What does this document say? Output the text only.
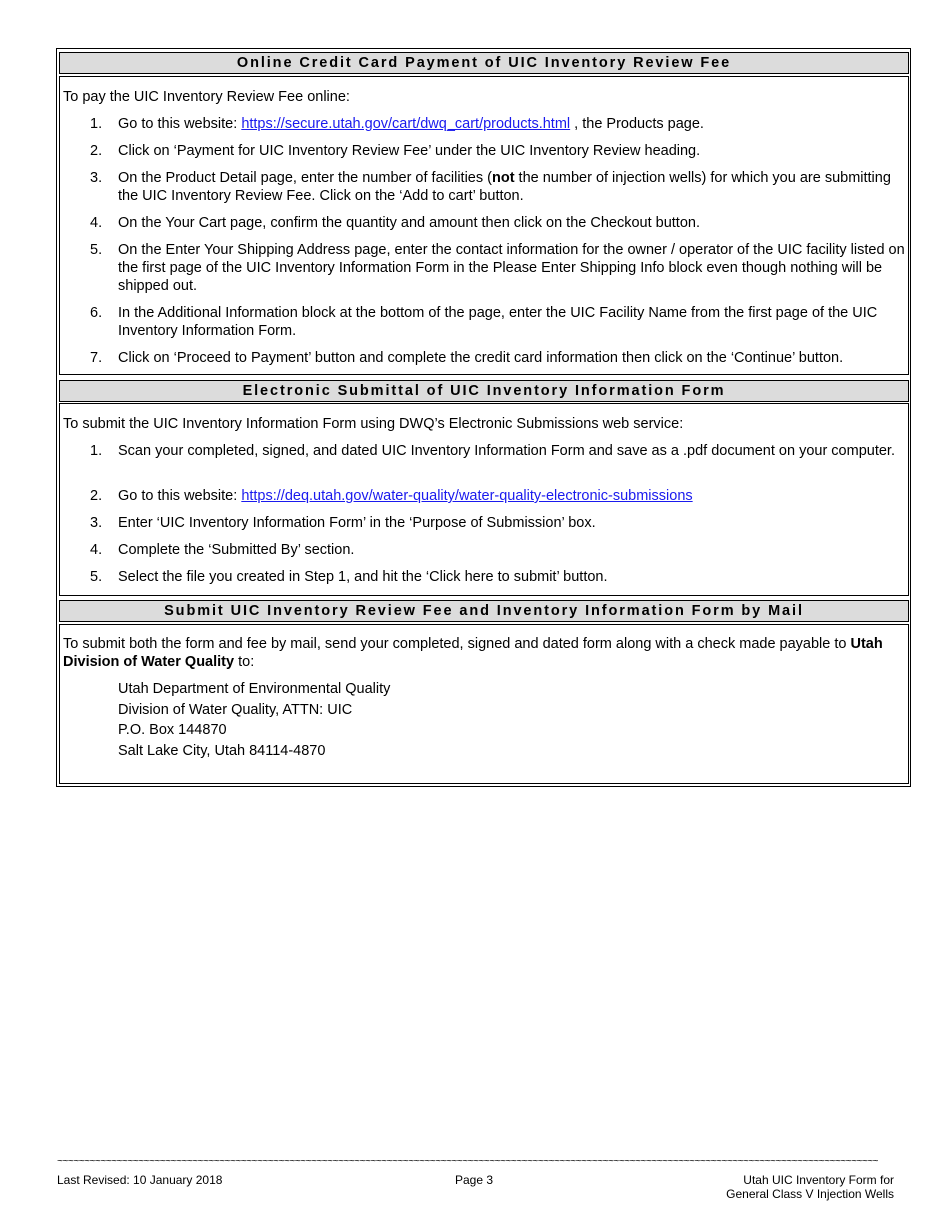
Online Credit Card Payment of UIC Inventory Review Fee
To pay the UIC Inventory Review Fee online:
1. Go to this website: https://secure.utah.gov/cart/dwq_cart/products.html , the Products page.
2. Click on ‘Payment for UIC Inventory Review Fee’ under the UIC Inventory Review heading.
3. On the Product Detail page, enter the number of facilities (not the number of injection wells) for which you are submitting the UIC Inventory Review Fee. Click on the ‘Add to cart’ button.
4. On the Your Cart page, confirm the quantity and amount then click on the Checkout button.
5. On the Enter Your Shipping Address page, enter the contact information for the owner / operator of the UIC facility listed on the first page of the UIC Inventory Information Form in the Please Enter Shipping Info block even though nothing will be shipped out.
6. In the Additional Information block at the bottom of the page, enter the UIC Facility Name from the first page of the UIC Inventory Information Form.
7. Click on ‘Proceed to Payment’ button and complete the credit card information then click on the ‘Continue’ button.
Electronic Submittal of UIC Inventory Information Form
To submit the UIC Inventory Information Form using DWQ’s Electronic Submissions web service:
1. Scan your completed, signed, and dated UIC Inventory Information Form and save as a .pdf document on your computer.
2. Go to this website: https://deq.utah.gov/water-quality/water-quality-electronic-submissions
3. Enter ‘UIC Inventory Information Form’ in the ‘Purpose of Submission’ box.
4. Complete the ‘Submitted By’ section.
5. Select the file you created in Step 1, and hit the ‘Click here to submit’ button.
Submit UIC Inventory Review Fee and Inventory Information Form by Mail
To submit both the form and fee by mail, send your completed, signed and dated form along with a check made payable to Utah Division of Water Quality to:
Utah Department of Environmental Quality
Division of Water Quality, ATTN: UIC
P.O. Box 144870
Salt Lake City, Utah 84114-4870
~~~~~~~~~~~~~~~~~~~~~~~~~~~~~~~~~~~~~~~~~~~~~~~~~~~~~~~~~~~~~~~~~~~~~~~~~~~~~~~~~~~~~~~~~~~~~~~~~~~~~~~~~~~~~~~~~~~~~~~~~~~~~~~~~~~~~~~~~~~~~~~~~~~~~~~~
Last Revised: 10 January 2018	Page 3	Utah UIC Inventory Form for
General Class V Injection Wells
